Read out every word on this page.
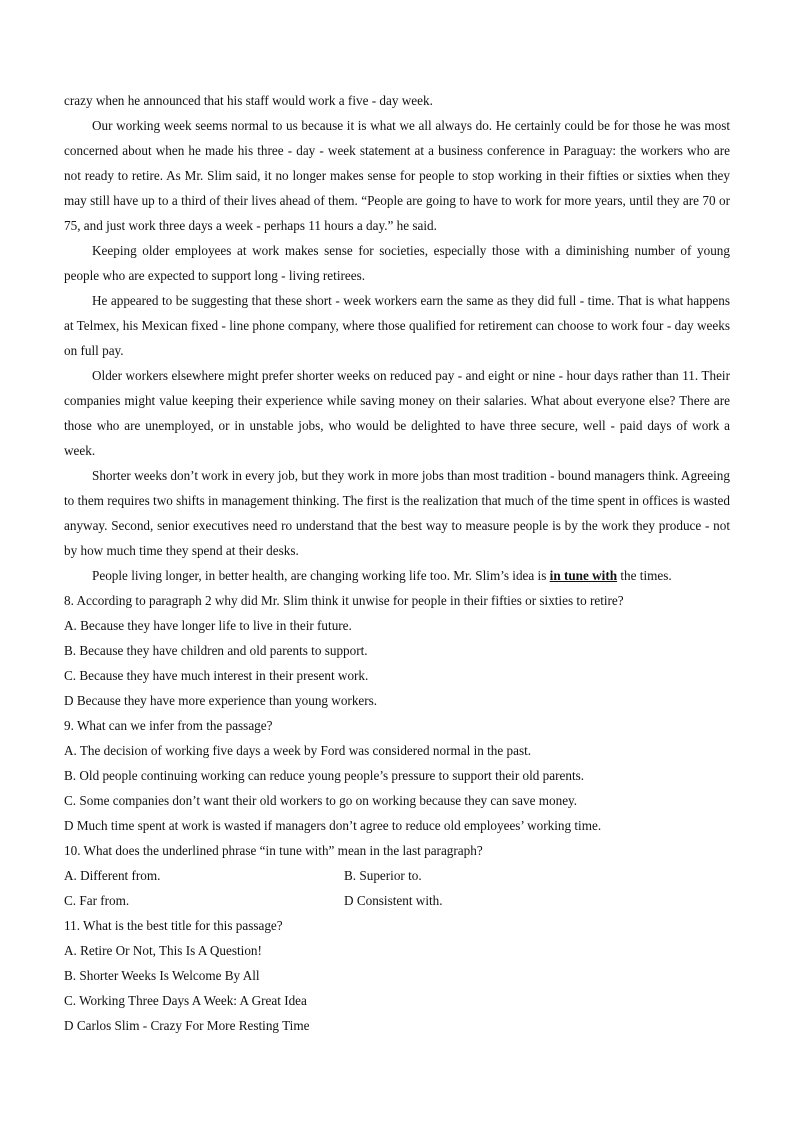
crazy when he announced that his staff would work a five - day week.

Our working week seems normal to us because it is what we all always do. He certainly could be for those he was most concerned about when he made his three - day - week statement at a business conference in Paraguay: the workers who are not ready to retire. As Mr. Slim said, it no longer makes sense for people to stop working in their fifties or sixties when they may still have up to a third of their lives ahead of them. “People are going to have to work for more years, until they are 70 or 75, and just work three days a week - perhaps 11 hours a day.” he said.

Keeping older employees at work makes sense for societies, especially those with a diminishing number of young people who are expected to support long - living retirees.

He appeared to be suggesting that these short - week workers earn the same as they did full - time. That is what happens at Telmex, his Mexican fixed - line phone company, where those qualified for retirement can choose to work four - day weeks on full pay.

Older workers elsewhere might prefer shorter weeks on reduced pay - and eight or nine - hour days rather than 11. Their companies might value keeping their experience while saving money on their salaries. What about everyone else? There are those who are unemployed, or in unstable jobs, who would be delighted to have three secure, well - paid days of work a week.

Shorter weeks don’t work in every job, but they work in more jobs than most tradition - bound managers think. Agreeing to them requires two shifts in management thinking. The first is the realization that much of the time spent in offices is wasted anyway. Second, senior executives need ro understand that the best way to measure people is by the work they produce - not by how much time they spend at their desks.

People living longer, in better health, are changing working life too. Mr. Slim’s idea is in tune with the times.

8. According to paragraph 2 why did Mr. Slim think it unwise for people in their fifties or sixties to retire?

A. Because they have longer life to live in their future.

B. Because they have children and old parents to support.

C. Because they have much interest in their present work.

D Because they have more experience than young workers.

9. What can we infer from the passage?

A. The decision of working five days a week by Ford was considered normal in the past.

B. Old people continuing working can reduce young people’s pressure to support their old parents.

C. Some companies don’t want their old workers to go on working because they can save money.

D Much time spent at work is wasted if managers don’t agree to reduce old employees’ working time.

10. What does the underlined phrase “in tune with” mean in the last paragraph?

A. Different from.	B. Superior to.
C. Far from.	D Consistent with.

11. What is the best title for this passage?

A. Retire Or Not, This Is A Question!

B. Shorter Weeks Is Welcome By All

C. Working Three Days A Week: A Great Idea

D Carlos Slim - Crazy For More Resting Time
